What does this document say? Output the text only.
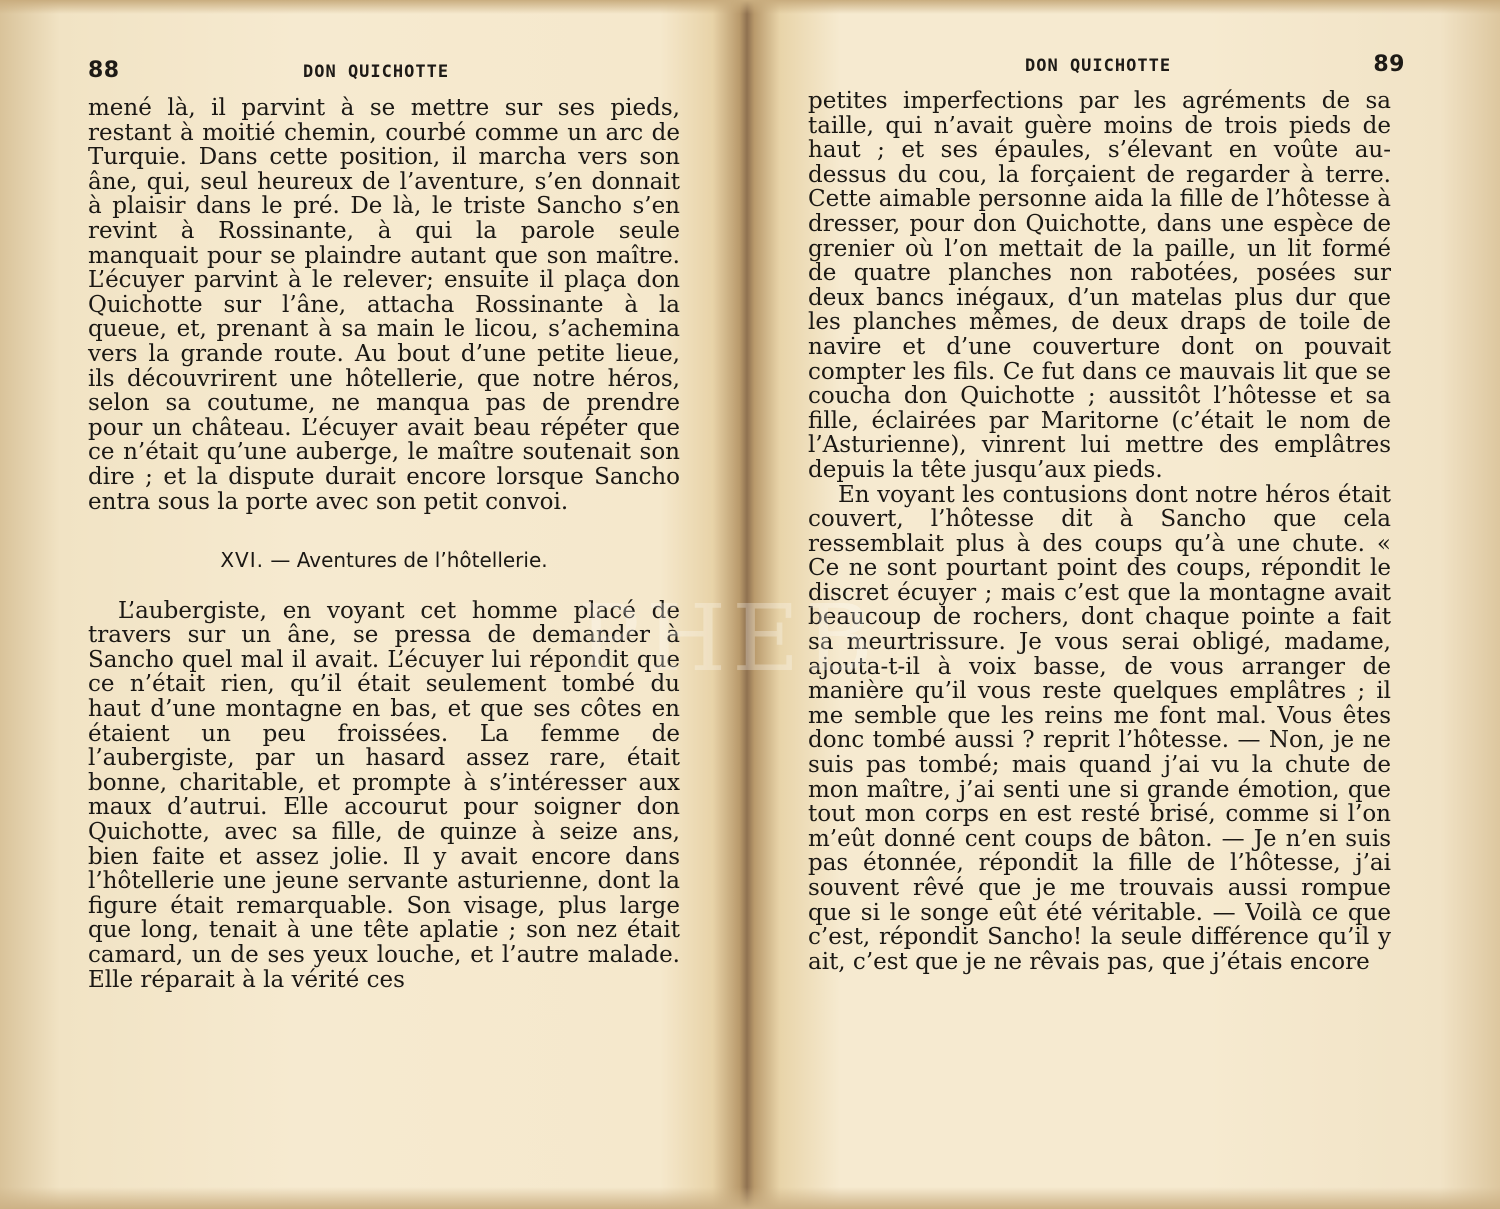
88	DON QUICHOTTE

mené là, il parvint à se mettre sur ses pieds, restant à moitié chemin, courbé comme un arc de Turquie. Dans cette position, il marcha vers son âne, qui, seul heureux de l’aventure, s’en donnait à plaisir dans le pré. De là, le triste Sancho s’en revint à Rossinante, à qui la parole seule manquait pour se plaindre autant que son maître. L’écuyer parvint à le relever; ensuite il plaça don Quichotte sur l’âne, attacha Rossinante à la queue, et, prenant à sa main le licou, s’achemina vers la grande route. Au bout d’une petite lieue, ils découvrirent une hôtellerie, que notre héros, selon sa coutume, ne manqua pas de prendre pour un château. L’écuyer avait beau répéter que ce n’était qu’une auberge, le maître soutenait son dire ; et la dispute durait encore lorsque Sancho entra sous la porte avec son petit convoi.

XVI. — Aventures de l’hôtellerie.

L’aubergiste, en voyant cet homme placé de travers sur un âne, se pressa de demander à Sancho quel mal il avait. L’écuyer lui répondit que ce n’était rien, qu’il était seulement tombé du haut d’une montagne en bas, et que ses côtes en étaient un peu froissées. La femme de l’aubergiste, par un hasard assez rare, était bonne, charitable, et prompte à s’intéresser aux maux d’autrui. Elle accourut pour soigner don Quichotte, avec sa fille, de quinze à seize ans, bien faite et assez jolie. Il y avait encore dans l’hôtellerie une jeune servante asturienne, dont la figure était remarquable. Son visage, plus large que long, tenait à une tête aplatie ; son nez était camard, un de ses yeux louche, et l’autre malade. Elle réparait à la vérité ces

DON QUICHOTTE	89

petites imperfections par les agréments de sa taille, qui n’avait guère moins de trois pieds de haut ; et ses épaules, s’élevant en voûte au-dessus du cou, la forçaient de regarder à terre. Cette aimable personne aida la fille de l’hôtesse à dresser, pour don Quichotte, dans une espèce de grenier où l’on mettait de la paille, un lit formé de quatre planches non rabotées, posées sur deux bancs inégaux, d’un matelas plus dur que les planches mêmes, de deux draps de toile de navire et d’une couverture dont on pouvait compter les fils. Ce fut dans ce mauvais lit que se coucha don Quichotte ; aussitôt l’hôtesse et sa fille, éclairées par Maritorne (c’était le nom de l’Asturienne), vinrent lui mettre des emplâtres depuis la tête jusqu’aux pieds.

En voyant les contusions dont notre héros était couvert, l’hôtesse dit à Sancho que cela ressemblait plus à des coups qu’à une chute. « Ce ne sont pourtant point des coups, répondit le discret écuyer ; mais c’est que la montagne avait beaucoup de rochers, dont chaque pointe a fait sa meurtrissure. Je vous serai obligé, madame, ajouta-t-il à voix basse, de vous arranger de manière qu’il vous reste quelques emplâtres ; il me semble que les reins me font mal. Vous êtes donc tombé aussi ? reprit l’hôtesse. — Non, je ne suis pas tombé; mais quand j’ai vu la chute de mon maître, j’ai senti une si grande émotion, que tout mon corps en est resté brisé, comme si l’on m’eût donné cent coups de bâton. — Je n’en suis pas étonnée, répondit la fille de l’hôtesse, j’ai souvent rêvé que je me trouvais aussi rompue que si le songe eût été véritable. — Voilà ce que c’est, répondit Sancho! la seule différence qu’il y ait, c’est que je ne rêvais pas, que j’étais encore

PHEB
